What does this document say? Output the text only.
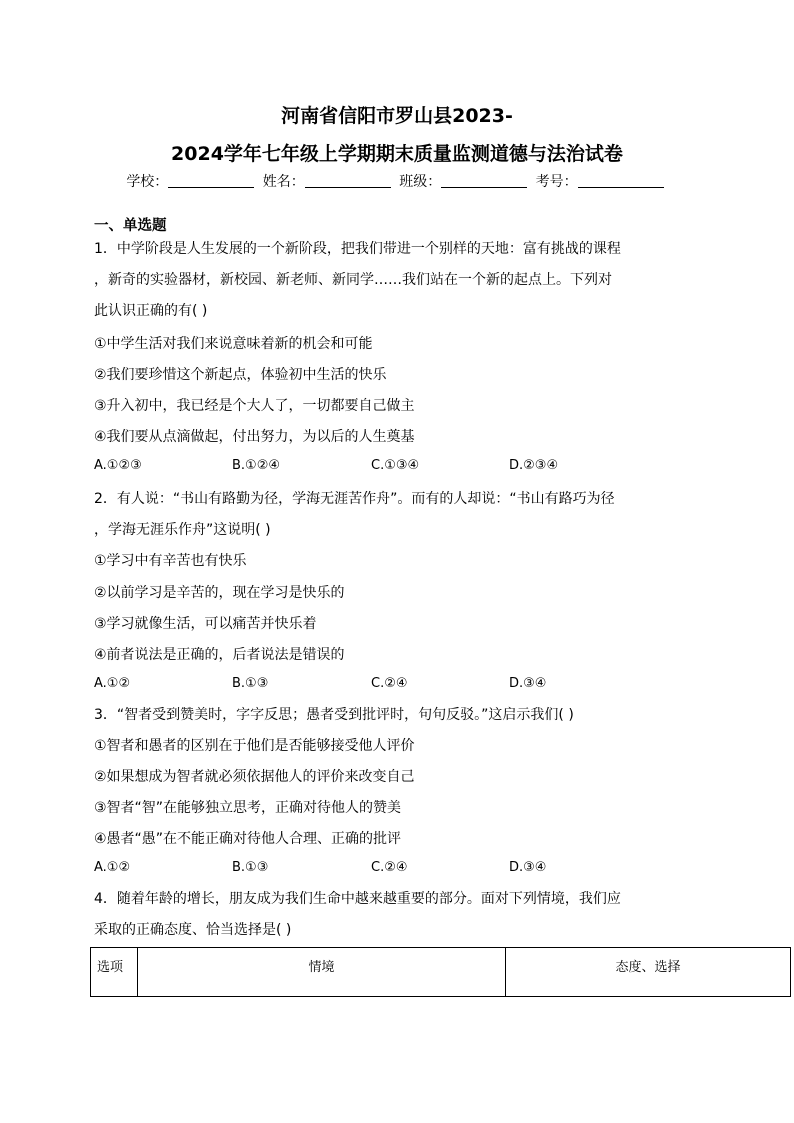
河南省信阳市罗山县2023-
2024学年七年级上学期期末质量监测道德与法治试卷
学校：	姓名：	班级：	考号：
一、单选题
1．中学阶段是人生发展的一个新阶段，把我们带进一个别样的天地：富有挑战的课程
，新奇的实验器材，新校园、新老师、新同学……我们站在一个新的起点上。下列对
此认识正确的有( )
①中学生活对我们来说意味着新的机会和可能
②我们要珍惜这个新起点，体验初中生活的快乐
③升入初中，我已经是个大人了，一切都要自己做主
④我们要从点滴做起，付出努力，为以后的人生奠基
A.①②③	B.①②④	C.①③④	D.②③④
2．有人说：“书山有路勤为径，学海无涯苦作舟”。而有的人却说：“书山有路巧为径
，学海无涯乐作舟”这说明( )
①学习中有辛苦也有快乐
②以前学习是辛苦的，现在学习是快乐的
③学习就像生活，可以痛苦并快乐着
④前者说法是正确的，后者说法是错误的
A.①②	B.①③	C.②④	D.③④
3．“智者受到赞美时，字字反思；愚者受到批评时，句句反驳。”这启示我们( )
①智者和愚者的区别在于他们是否能够接受他人评价
②如果想成为智者就必须依据他人的评价来改变自己
③智者“智”在能够独立思考，正确对待他人的赞美
④愚者“愚”在不能正确对待他人合理、正确的批评
A.①②	B.①③	C.②④	D.③④
4．随着年龄的增长，朋友成为我们生命中越来越重要的部分。面对下列情境，我们应
采取的正确态度、恰当选择是( )
选项	情境	态度、选择
